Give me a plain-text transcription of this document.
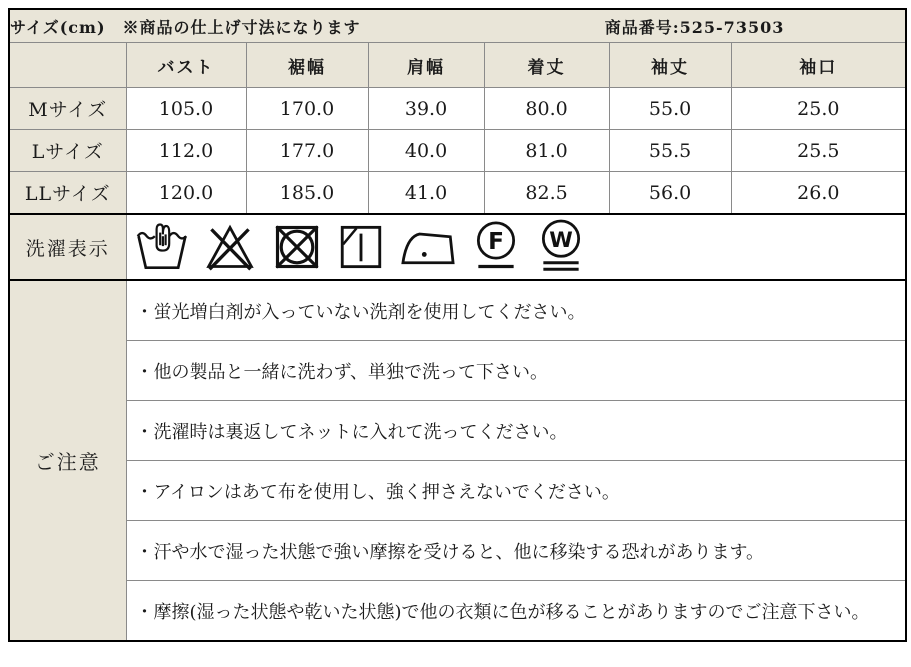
サイズ(cm)　※商品の仕上げ寸法になります				商品番号:525-73503		
	バスト	裾幅	肩幅	着丈	袖丈	袖口
Mサイズ	105.0	170.0	39.0	80.0	55.0	25.0
Lサイズ	112.0	177.0	40.0	81.0	55.5	25.5
LLサイズ	120.0	185.0	41.0	82.5	56.0	26.0
洗濯表示	F W					

ご注意	・蛍光増白剤が入っていない洗剤を使用してください。					
	・他の製品と一緒に洗わず、単独で洗って下さい。					
	・洗濯時は裏返してネットに入れて洗ってください。					
	・アイロンはあて布を使用し、強く押さえないでください。					
	・汗や水で湿った状態で強い摩擦を受けると、他に移染する恐れがあります。					
	・摩擦(湿った状態や乾いた状態)で他の衣類に色が移ることがありますのでご注意下さい。					
